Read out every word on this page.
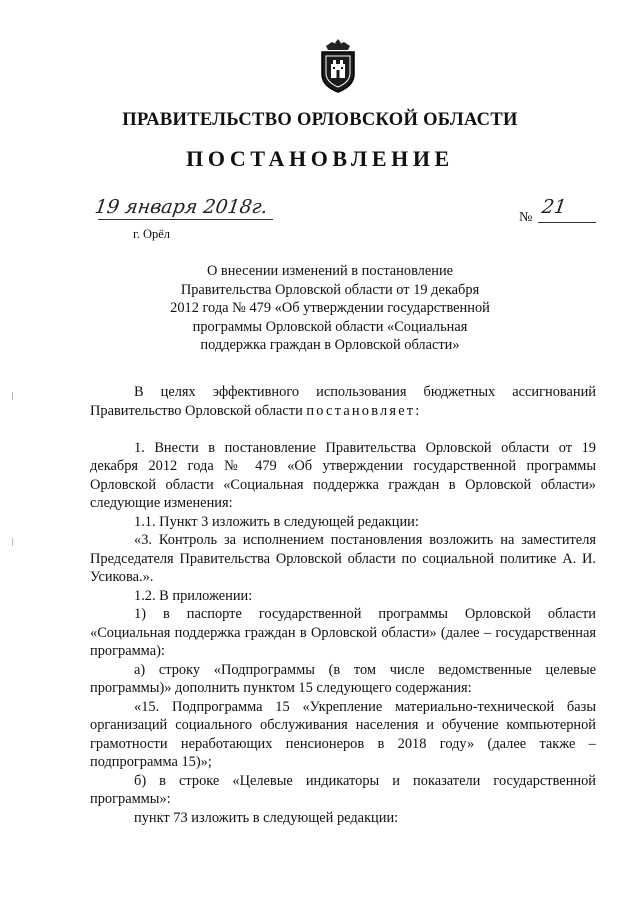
ПРАВИТЕЛЬСТВО ОРЛОВСКОЙ ОБЛАСТИ
ПОСТАНОВЛЕНИЕ
19 января 2018г.
г. Орёл
№ 21
О внесении изменений в постановление
Правительства Орловской области от 19 декабря
2012 года № 479 «Об утверждении государственной
программы Орловской области «Социальная
поддержка граждан в Орловской области»

В целях эффективного использования бюджетных ассигнований Правительство Орловской области постановляет:

1. Внести в постановление Правительства Орловской области от 19 декабря 2012 года № 479 «Об утверждении государственной программы Орловской области «Социальная поддержка граждан в Орловской области» следующие изменения:

1.1. Пункт 3 изложить в следующей редакции:

«3. Контроль за исполнением постановления возложить на заместителя Председателя Правительства Орловской области по социальной политике А. И. Усикова.».

1.2. В приложении:

1) в паспорте государственной программы Орловской области «Социальная поддержка граждан в Орловской области» (далее – государственная программа):

а) строку «Подпрограммы (в том числе ведомственные целевые программы)» дополнить пунктом 15 следующего содержания:

«15. Подпрограмма 15 «Укрепление материально-технической базы организаций социального обслуживания населения и обучение компьютерной грамотности неработающих пенсионеров в 2018 году» (далее также – подпрограмма 15)»;

б) в строке «Целевые индикаторы и показатели государственной программы»:

пункт 73 изложить в следующей редакции:
